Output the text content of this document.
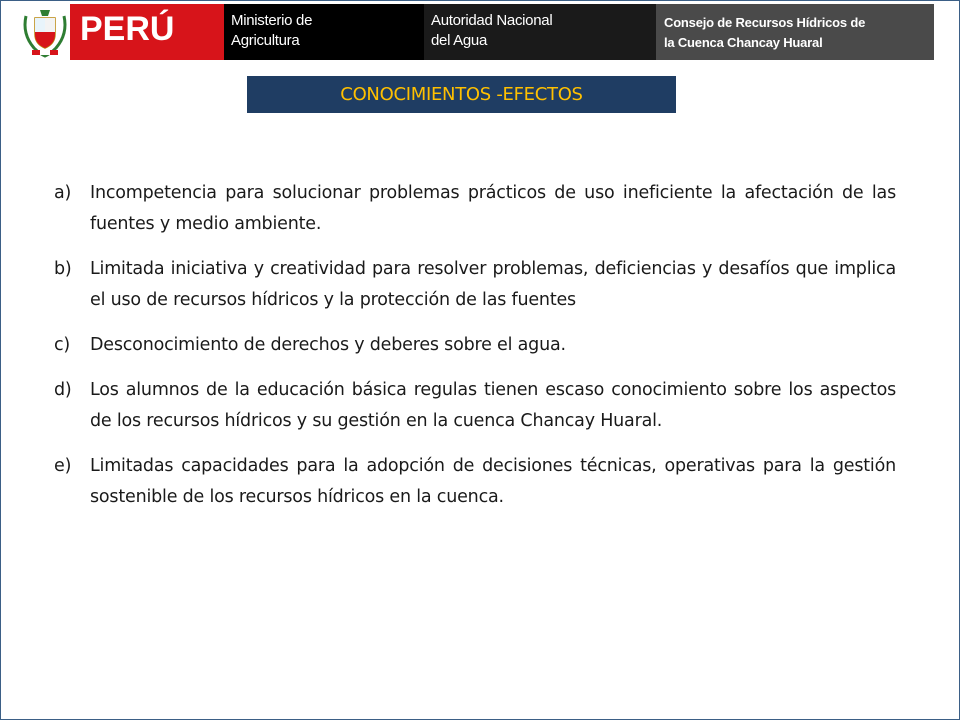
PERÚ	Ministerio de
Agricultura
Autoridad Nacional
del Agua
Consejo de Recursos Hídricos de
la Cuenca Chancay Huaral
CONOCIMIENTOS -EFECTOS
a) Incompetencia para solucionar problemas prácticos de uso ineficiente la afectación de las fuentes y medio ambiente.
b) Limitada iniciativa y creatividad para resolver problemas, deficiencias y desafíos que implica el uso de recursos hídricos y la protección de las fuentes
c) Desconocimiento de derechos y deberes sobre el agua.
d) Los alumnos de la educación básica regulas tienen escaso conocimiento sobre los aspectos de los recursos hídricos y su gestión en la cuenca Chancay Huaral.
e) Limitadas capacidades para la adopción de decisiones técnicas, operativas para la gestión sostenible de los recursos hídricos en la cuenca.
